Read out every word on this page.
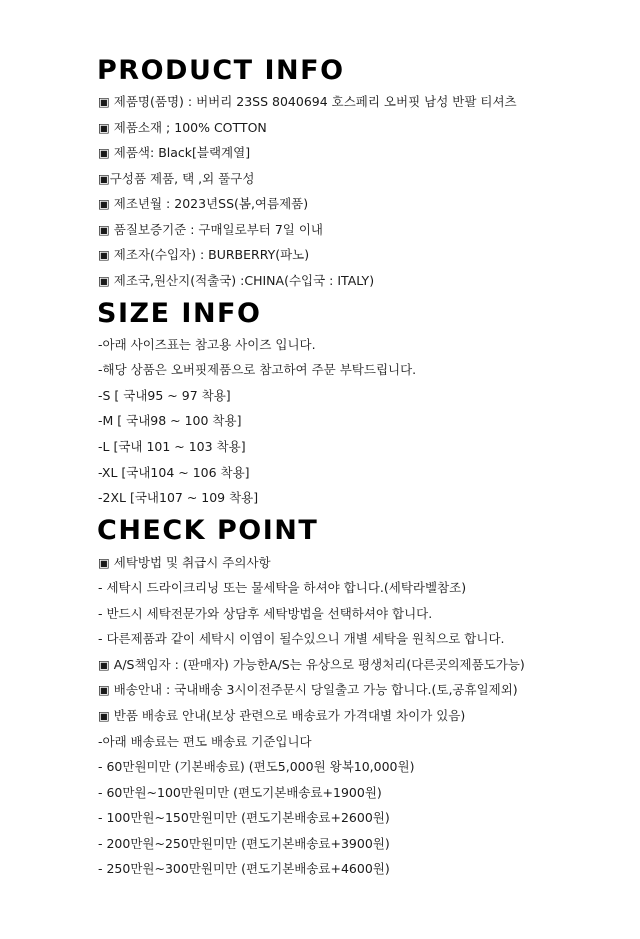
PRODUCT INFO
▣ 제품명(품명) : 버버리 23SS 8040694 호스페리 오버핏 남성 반팔 티셔츠
▣ 제품소재 ; 100% COTTON
▣ 제품색: Black[블랙계열]
▣구성품 제품, 택 ,외 풀구성
▣ 제조년월 : 2023년SS(봄,여름제품)
▣ 품질보증기준 : 구매일로부터 7일 이내
▣ 제조자(수입자) : BURBERRY(파노)
▣ 제조국,원산지(적출국) :CHINA(수입국 : ITALY)
SIZE INFO
-아래 사이즈표는 참고용 사이즈 입니다.
-해당 상품은 오버핏제품으로 참고하여 주문 부탁드립니다.
-S [ 국내95 ~ 97 착용]
-M [ 국내98 ~ 100 착용]
-L [국내 101 ~ 103 착용]
-XL [국내104 ~ 106 착용]
-2XL [국내107 ~ 109 착용]
CHECK POINT
▣ 세탁방법 및 취급시 주의사항
- 세탁시 드라이크리닝 또는 물세탁을 하셔야 합니다.(세탁라벨참조)
- 반드시 세탁전문가와 상담후 세탁방법을 선택하셔야 합니다.
- 다른제품과 같이 세탁시 이염이 될수있으니 개별 세탁을 원칙으로 합니다.
▣ A/S책임자 : (판매자) 가능한A/S는 유상으로 평생처리(다른곳의제품도가능)
▣ 배송안내 : 국내배송 3시이전주문시 당일출고 가능 합니다.(토,공휴일제외)
▣ 반품 배송료 안내(보상 관련으로 배송료가 가격대별 차이가 있음)
-아래 배송료는 편도 배송료 기준입니다
- 60만원미만 (기본배송료) (편도5,000원 왕복10,000원)
- 60만원~100만원미만 (편도기본배송료+1900원)
- 100만원~150만원미만 (편도기본배송료+2600원)
- 200만원~250만원미만 (편도기본배송료+3900원)
- 250만원~300만원미만 (편도기본배송료+4600원)
